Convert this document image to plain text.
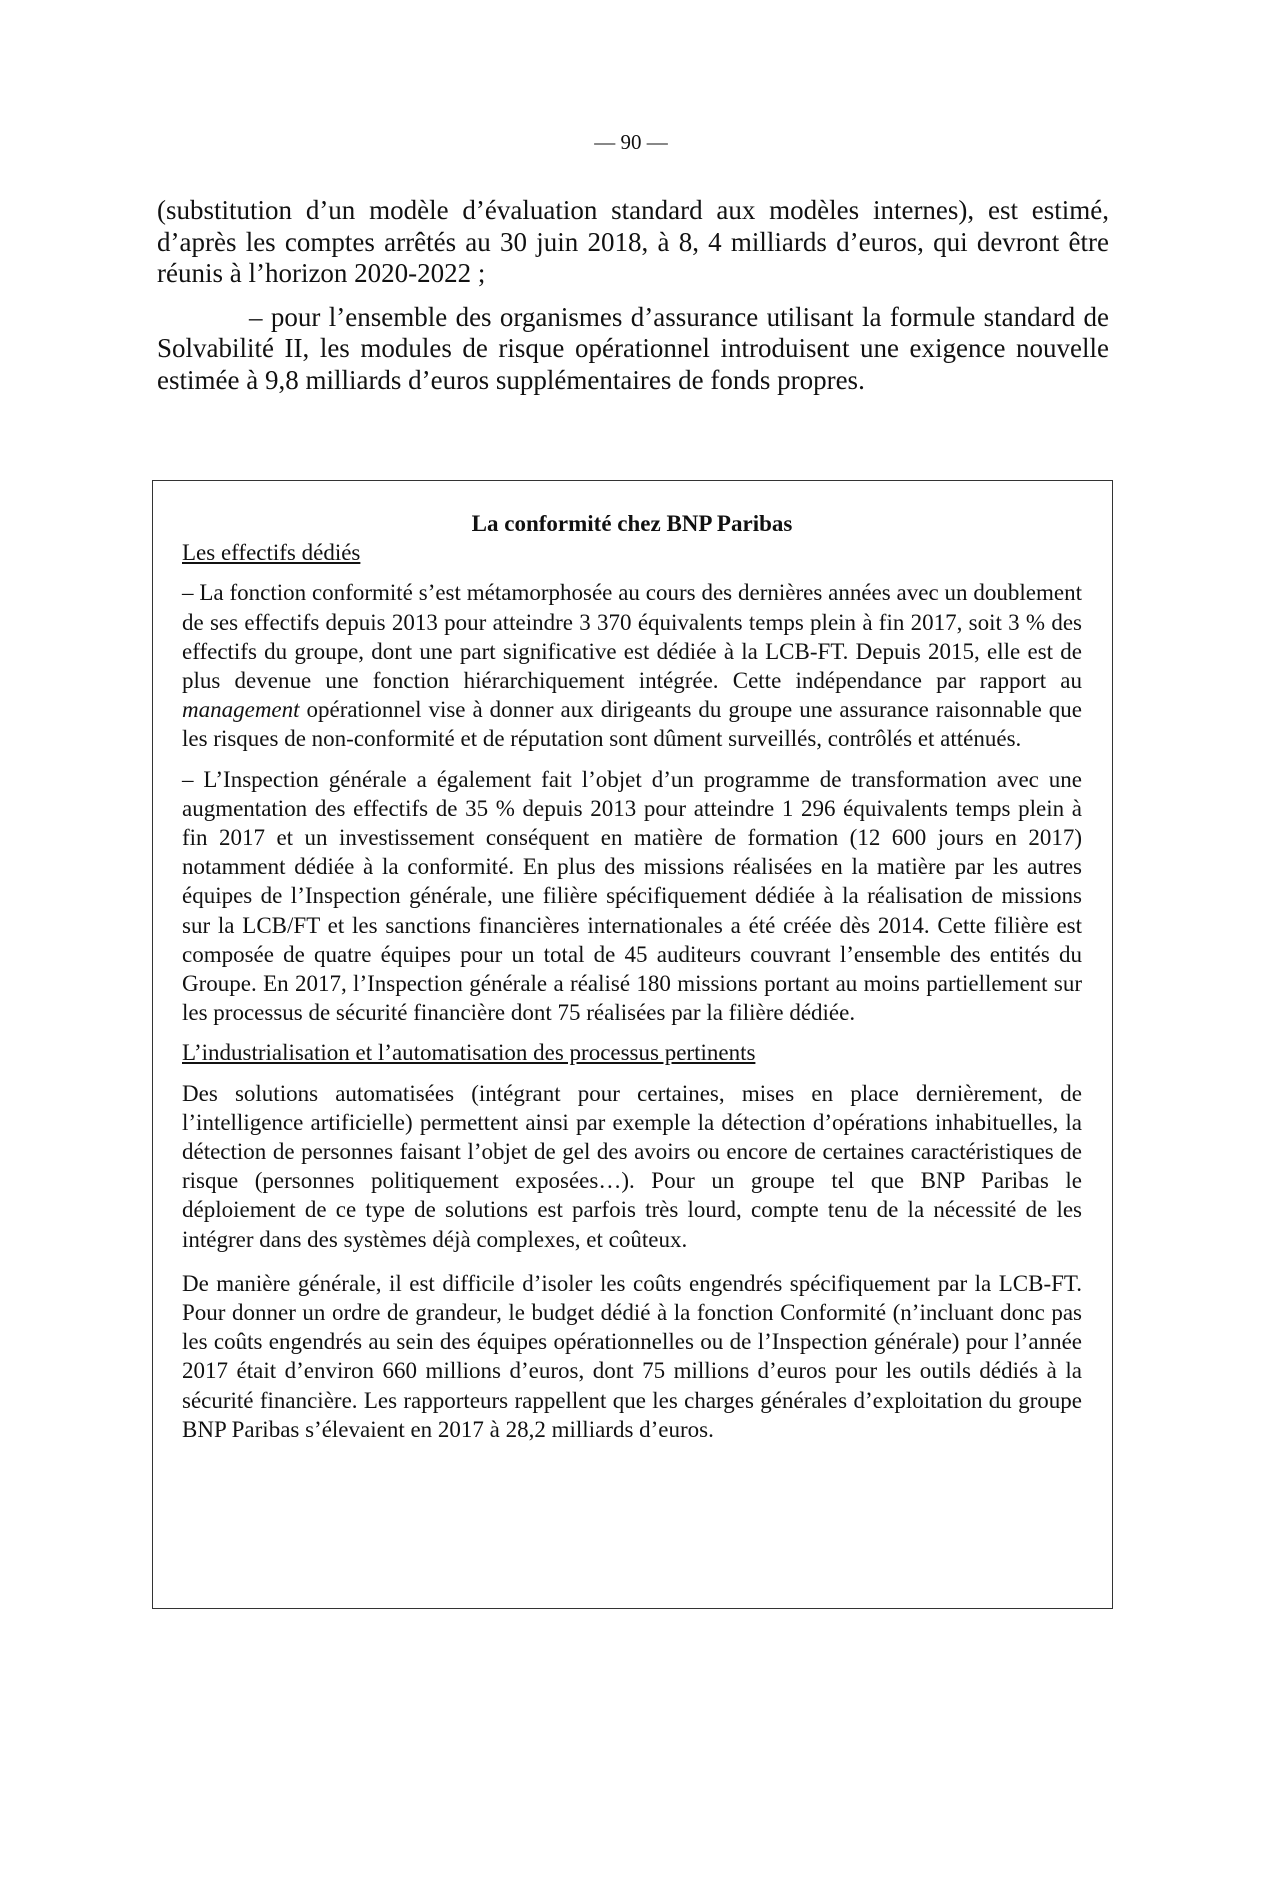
— 90 —

(substitution d’un modèle d’évaluation standard aux modèles internes), est estimé, d’après les comptes arrêtés au 30 juin 2018, à 8, 4 milliards d’euros, qui devront être réunis à l’horizon 2020-2022 ;

– pour l’ensemble des organismes d’assurance utilisant la formule standard de Solvabilité II, les modules de risque opérationnel introduisent une exigence nouvelle estimée à 9,8 milliards d’euros supplémentaires de fonds propres.

La conformité chez BNP Paribas

Les effectifs dédiés

– La fonction conformité s’est métamorphosée au cours des dernières années avec un doublement de ses effectifs depuis 2013 pour atteindre 3 370 équivalents temps plein à fin 2017, soit 3 % des effectifs du groupe, dont une part significative est dédiée à la LCB-FT. Depuis 2015, elle est de plus devenue une fonction hiérarchiquement intégrée. Cette indépendance par rapport au management opérationnel vise à donner aux dirigeants du groupe une assurance raisonnable que les risques de non-conformité et de réputation sont dûment surveillés, contrôlés et atténués.

– L’Inspection générale a également fait l’objet d’un programme de transformation avec une augmentation des effectifs de 35 % depuis 2013 pour atteindre 1 296 équivalents temps plein à fin 2017 et un investissement conséquent en matière de formation (12 600 jours en 2017) notamment dédiée à la conformité. En plus des missions réalisées en la matière par les autres équipes de l’Inspection générale, une filière spécifiquement dédiée à la réalisation de missions sur la LCB/FT et les sanctions financières internationales a été créée dès 2014. Cette filière est composée de quatre équipes pour un total de 45 auditeurs couvrant l’ensemble des entités du Groupe. En 2017, l’Inspection générale a réalisé 180 missions portant au moins partiellement sur les processus de sécurité financière dont 75 réalisées par la filière dédiée.

L’industrialisation et l’automatisation des processus pertinents

Des solutions automatisées (intégrant pour certaines, mises en place dernièrement, de l’intelligence artificielle) permettent ainsi par exemple la détection d’opérations inhabituelles, la détection de personnes faisant l’objet de gel des avoirs ou encore de certaines caractéristiques de risque (personnes politiquement exposées…). Pour un groupe tel que BNP Paribas le déploiement de ce type de solutions est parfois très lourd, compte tenu de la nécessité de les intégrer dans des systèmes déjà complexes, et coûteux.

De manière générale, il est difficile d’isoler les coûts engendrés spécifiquement par la LCB-FT. Pour donner un ordre de grandeur, le budget dédié à la fonction Conformité (n’incluant donc pas les coûts engendrés au sein des équipes opérationnelles ou de l’Inspection générale) pour l’année 2017 était d’environ 660 millions d’euros, dont 75 millions d’euros pour les outils dédiés à la sécurité financière. Les rapporteurs rappellent que les charges générales d’exploitation du groupe BNP Paribas s’élevaient en 2017 à 28,2 milliards d’euros.
